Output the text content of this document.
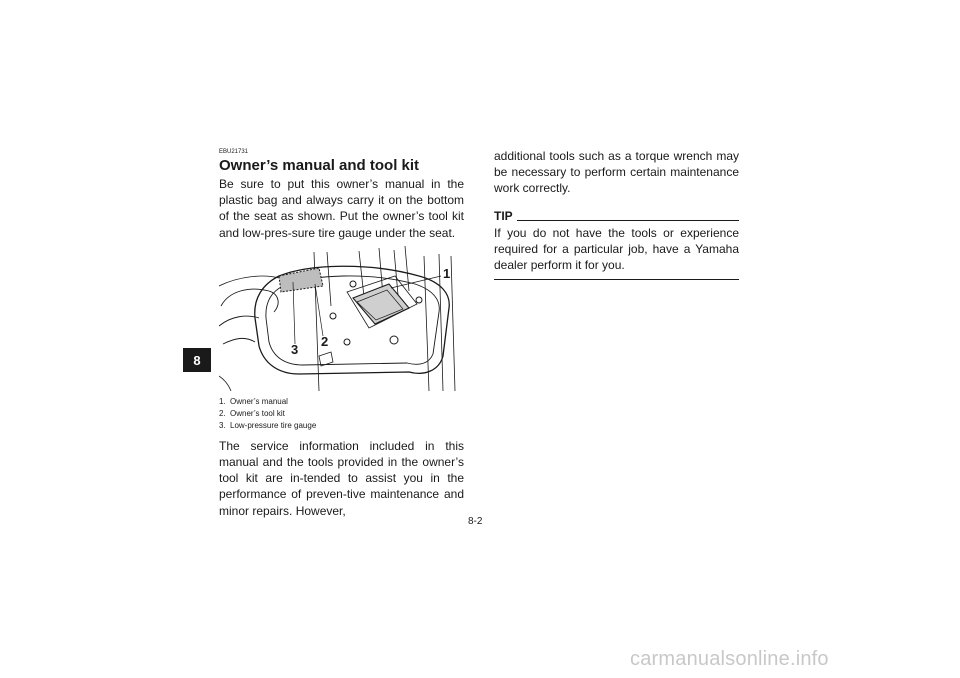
8

EBU21731

Owner’s manual and tool kit

Be sure to put this owner’s manual in the plastic bag and always carry it on the bottom of the seat as shown. Put the owner’s tool kit and low-pres-sure tire gauge under the seat.

1
2
3
1. Owner’s manual
2. Owner’s tool kit
3. Low-pressure tire gauge

The service information included in this manual and the tools provided in the owner’s tool kit are in-tended to assist you in the performance of preven-tive maintenance and minor repairs. However,

additional tools such as a torque wrench may be necessary to perform certain maintenance work correctly.

TIP

If you do not have the tools or experience required for a particular job, have a Yamaha dealer perform it for you.

8-2
carmanualsonline.info
